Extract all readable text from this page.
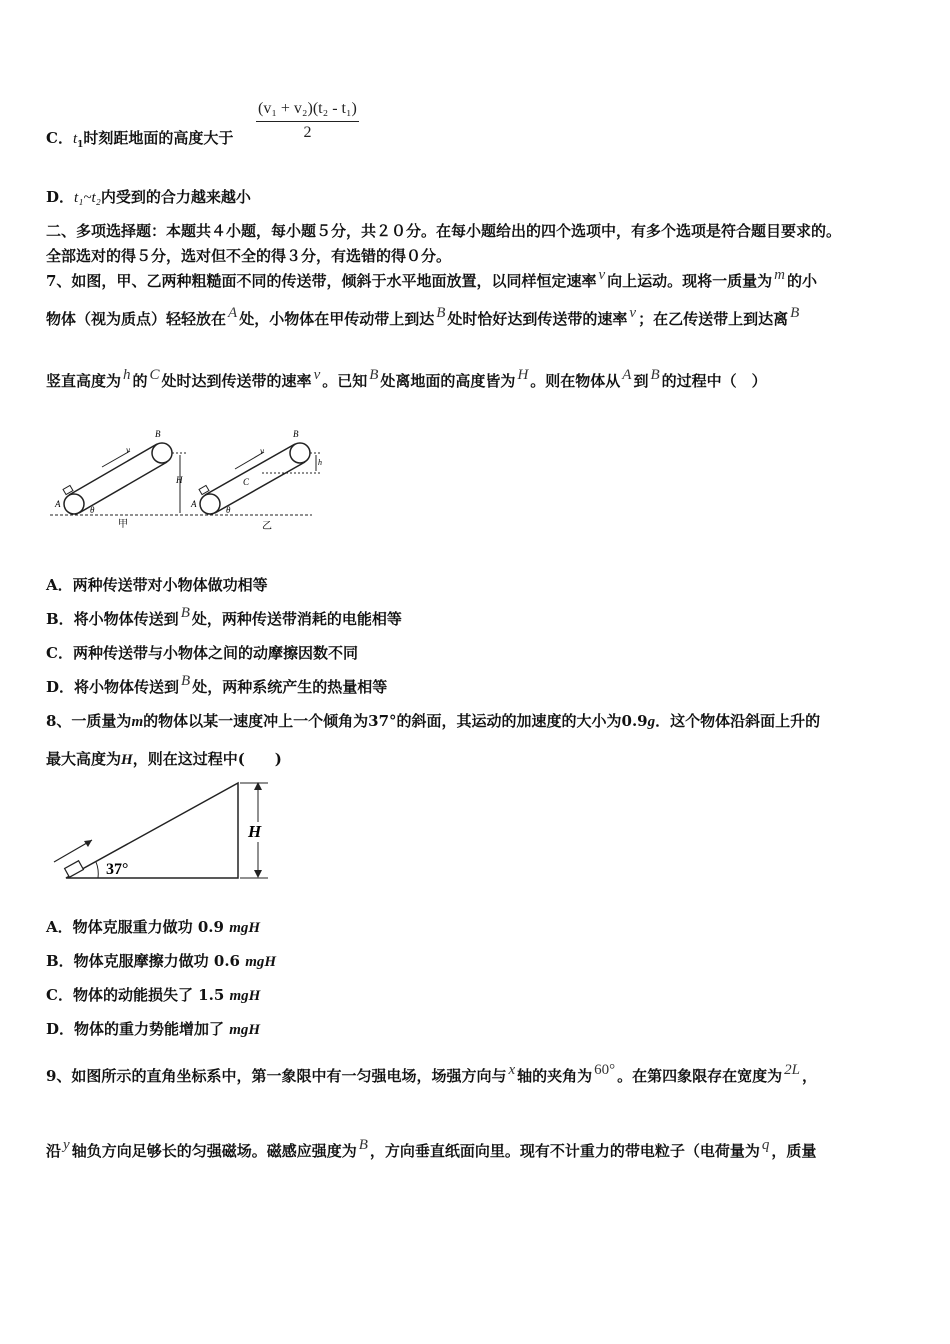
$\frac{\text{(v₁ + v₂)(t₂ - t₁)}}{2}$
C．$t_1$时刻距地面的高度大于
D．t₁~t₂内受到的合力越来越小
二、多项选择题：本题共４小题，每小题５分，共２０分。在每小题给出的四个选项中，有多个选项是符合题目要求的。
全部选对的得５分，选对但不全的得３分，有选错的得０分。
7、如图，甲、乙两种粗糙面不同的传送带，倾斜于水平地面放置，以同样恒定速率 v 向上运动。现将一质量为 m 的小
物体（视为质点）轻轻放在 A 处，小物体在甲传动带上到达 B 处时恰好达到传送带的速率 v ；在乙传送带上到达离 B
竖直高度为 h 的 C 处时达到传送带的速率 v 。已知 B 处离地面的高度皆为 H 。则在物体从 A 到 B 的过程中（　）
v
A
B
θ
H
甲
v
C
A
B
θ
h
乙
A．两种传送带对小物体做功相等
B．将小物体传送到 B 处，两种传送带消耗的电能相等
C．两种传送带与小物体之间的动摩擦因数不同
D．将小物体传送到 B 处，两种系统产生的热量相等
8、一质量为m的物体以某一速度冲上一个倾角为37°的斜面，其运动的加速度的大小为0.9g．这个物体沿斜面上升的
最大高度为H，则在这过程中(　　)
37°
H
A．物体克服重力做功 0.9 mgH
B．物体克服摩擦力做功 0.6 mgH
C．物体的动能损失了 1.5 mgH
D．物体的重力势能增加了 mgH
9、如图所示的直角坐标系中，第一象限中有一匀强电场，场强方向与 x 轴的夹角为 60° 。在第四象限存在宽度为 2L ，
沿 y 轴负方向足够长的匀强磁场。磁感应强度为 B ，方向垂直纸面向里。现有不计重力的带电粒子（电荷量为 q ，质量
